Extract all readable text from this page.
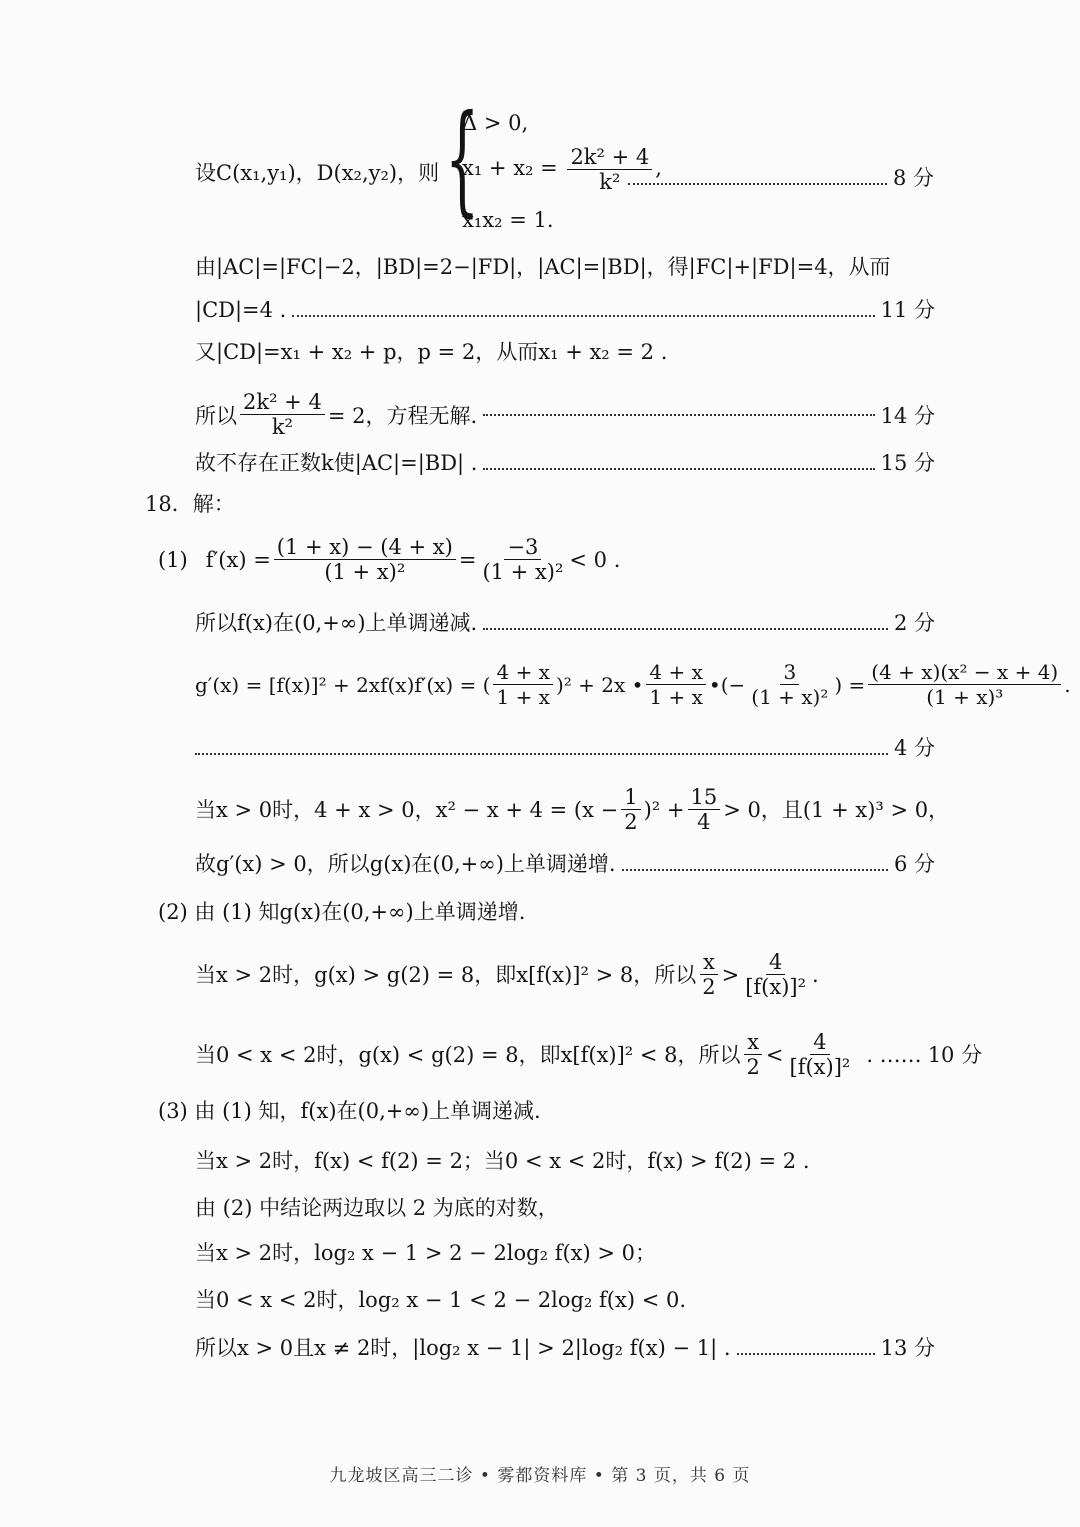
设C(x₁,y₁)，D(x₂,y₂)，则 {
Δ > 0,
$x_1 + x_2 = \frac{\text{2k² + 4}}{\text{k²}}$ ,
x₁x₂ = 1.
8 分
由|AC|=|FC|−2，|BD|=2−|FD|，|AC|=|BD|，得|FC|+|FD|=4，从而
|CD|=4 .	11 分
又|CD|=x₁ + x₂ + p，p = 2，从而x₁ + x₂ = 2 .
所以 $\frac{\text{2k² + 4}}{\text{k²}} = 2$，方程无解.	14 分
故不存在正数k使|AC|=|BD| .	15 分
18．解：
(1) $f'(x) = \frac{(1 + x) - (4 + x)}{\text{(1 + x)²}} = \frac{-3}{\text{(1 + x)²}} < 0$ .
所以f(x)在(0,+∞)上单调递减.	2 分
g′(x) = [f(x)]² + 2xf(x)f′(x) = ( $\frac{4 + x}{1 + x} )^2 + 2x$ • $\frac{4 + x}{1 + x}$ •(− $\frac{3}{\text{(1 + x)²}}$ ) = $\frac{\text{(4 + x)(x² − x + 4)}}{\text{(1 + x)³}}$ .
4 分
当x > 0时，4 + x > 0，$x^2 - x + 4 = (x - \frac{1}{2} )^2 + \frac{15}{4} > 0$，且(1 + x)³ > 0，
故g′(x) > 0，所以g(x)在(0,+∞)上单调递增.	6 分
(2) 由 (1) 知g(x)在(0,+∞)上单调递增.
当x > 2时，g(x) > g(2) = 8，即x[f(x)]² > 8，所以 $\frac{x}{2} > \frac{4}{\text{[f(x)]²}}$ .
当0 < x < 2时，g(x) < g(2) = 8，即x[f(x)]² < 8，所以 $\frac{x}{2} < \frac{4}{\text{[f(x)]²}}$ . …… 10 分
(3) 由 (1) 知，f(x)在(0,+∞)上单调递减.
当x > 2时，f(x) < f(2) = 2；当0 < x < 2时，f(x) > f(2) = 2 .
由 (2) 中结论两边取以 2 为底的对数，
当x > 2时，log₂ x − 1 > 2 − 2log₂ f(x) > 0；
当0 < x < 2时，log₂ x − 1 < 2 − 2log₂ f(x) < 0.
所以x > 0且x ≠ 2时，|log₂ x − 1| > 2|log₂ f(x) − 1| .	13 分
九龙坡区高三二诊 • 雾都资料库 • 第 3 页，共 6 页
